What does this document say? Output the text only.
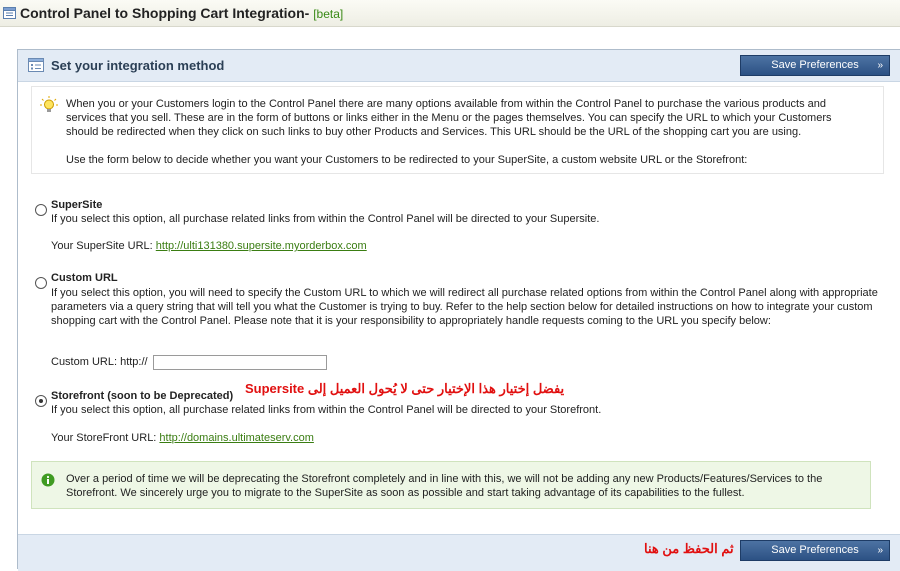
Control Panel to Shopping Cart Integration- [beta]
Set your integration method	Save Preferences »

When you or your Customers login to the Control Panel there are many options available from within the Control Panel to purchase the various products and services that you sell. These are in the form of buttons or links either in the Menu or the pages themselves. You can specify the URL to which your Customers should be redirected when they click on such links to buy other Products and Services. This URL should be the URL of the shopping cart you are using.

Use the form below to decide whether you want your Customers to be redirected to your SuperSite, a custom website URL or the Storefront:

SuperSite

If you select this option, all purchase related links from within the Control Panel will be directed to your Supersite.

Your SuperSite URL: http://ulti131380.supersite.myorderbox.com
Custom URL

If you select this option, you will need to specify the Custom URL to which we will redirect all purchase related options from within the Control Panel along with appropriate parameters via a query string that will tell you what the Customer is trying to buy. Refer to the help section below for detailed instructions on how to integrate your custom shopping cart with the Control Panel. Please note that it is your responsibility to appropriately handle requests coming to the URL you specify below:

Custom URL: http://
يفضل إختيار هذا الإختيار حتى لا يُحول العميل إلى Supersite
Storefront (soon to be Deprecated)

If you select this option, all purchase related links from within the Control Panel will be directed to your Storefront.

Your StoreFront URL: http://domains.ultimateserv.com

Over a period of time we will be deprecating the Storefront completely and in line with this, we will not be adding any new Products/Features/Services to the Storefront. We sincerely urge you to migrate to the SuperSite as soon as possible and start taking advantage of its capabilities to the fullest.

ثم الحفظ من هنا	Save Preferences »
